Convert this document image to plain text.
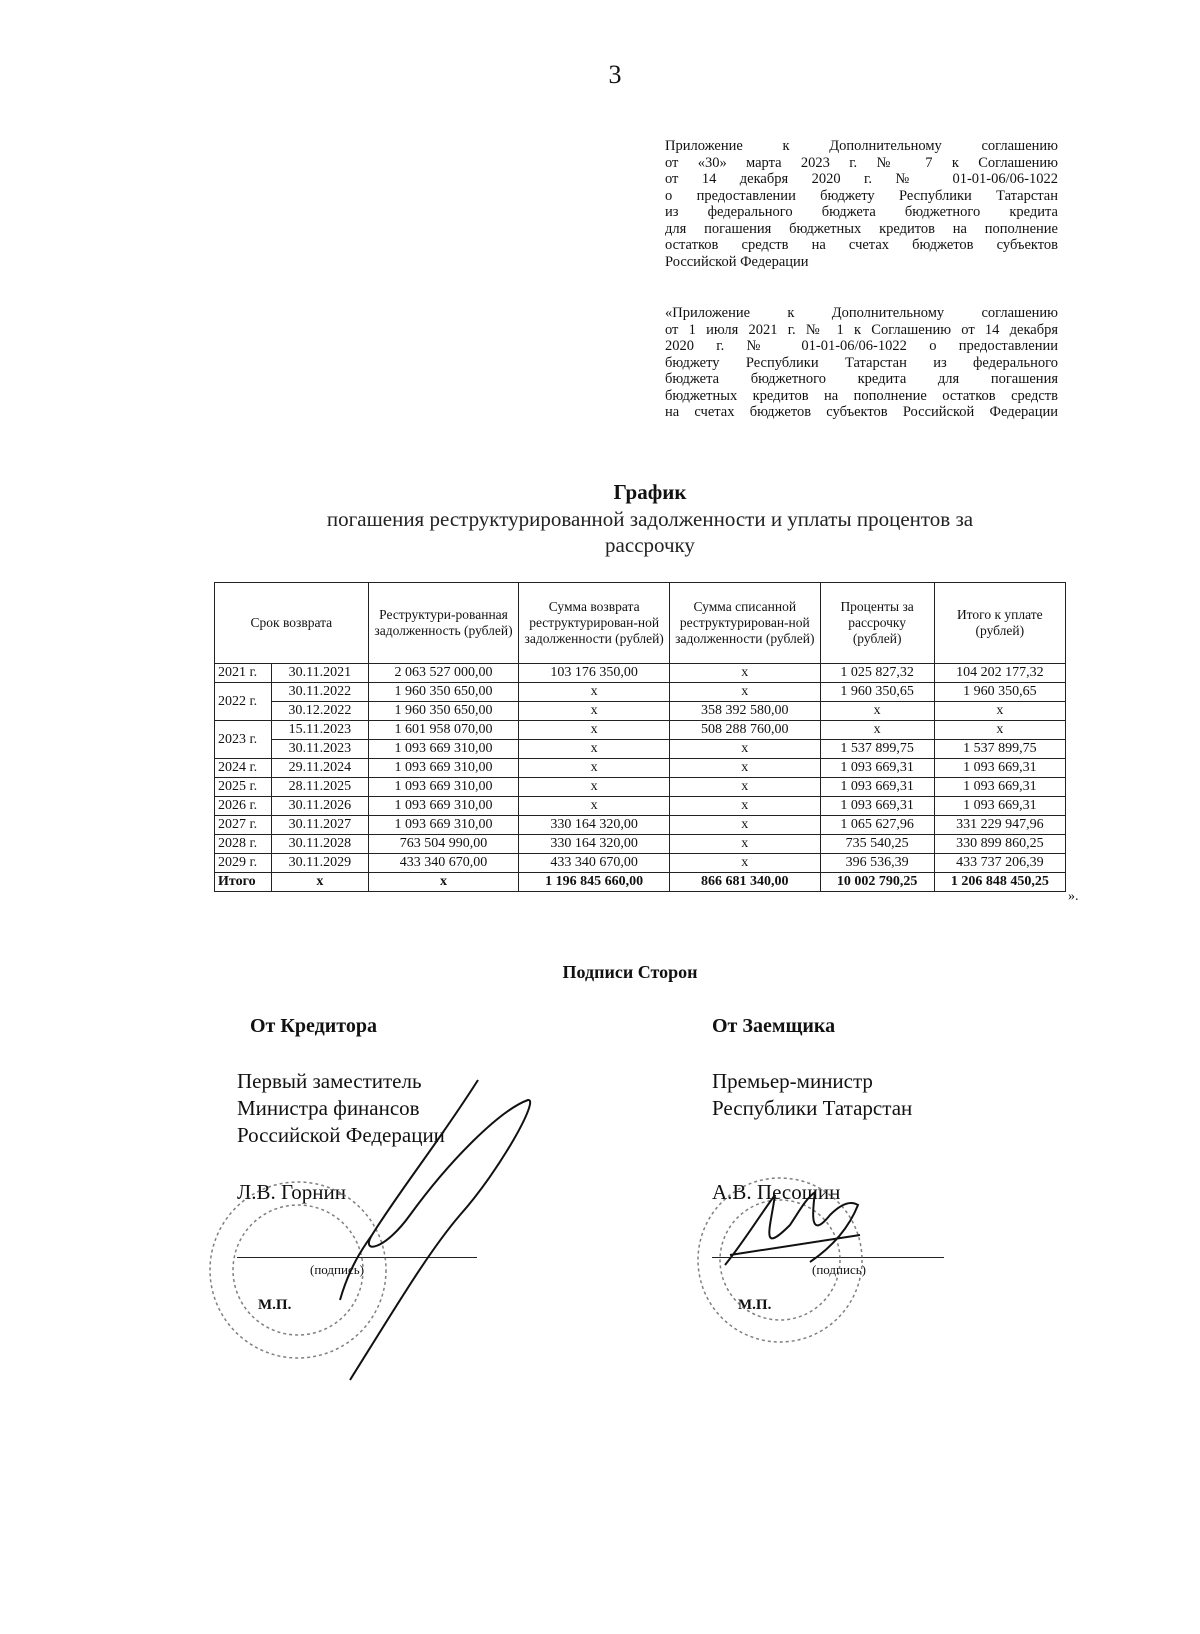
3
Приложение к Дополнительному соглашению
от «30» марта 2023 г. № 7 к Соглашению
от 14 декабря 2020 г. № 01-01-06/06-1022
о предоставлении бюджету Республики Татарстан
из федерального бюджета бюджетного кредита
для погашения бюджетных кредитов на пополнение
остатков средств на счетах бюджетов субъектов
Российской Федерации
«Приложение к Дополнительному соглашению
от 1 июля 2021 г. № 1 к Соглашению от 14 декабря
2020 г. № 01-01-06/06-1022 о предоставлении
бюджету Республики Татарстан из федерального
бюджета бюджетного кредита для погашения
бюджетных кредитов на пополнение остатков средств
на счетах бюджетов субъектов Российской Федерации
График
погашения реструктурированной задолженности и уплаты процентов за рассрочку
Срок возврата		Реструктури-рованная задолженность (рублей)	Сумма возврата реструктурирован-ной задолженности (рублей)	Сумма списанной реструктурирован-ной задолженности (рублей)	Проценты за рассрочку (рублей)	Итого к уплате (рублей)
2021 г.	30.11.2021	2 063 527 000,00	103 176 350,00	x	1 025 827,32	104 202 177,32
2022 г.	30.11.2022	1 960 350 650,00	x	x	1 960 350,65	1 960 350,65
	30.12.2022	1 960 350 650,00	x	358 392 580,00	x	x
2023 г.	15.11.2023	1 601 958 070,00	x	508 288 760,00	x	x
	30.11.2023	1 093 669 310,00	x	x	1 537 899,75	1 537 899,75
2024 г.	29.11.2024	1 093 669 310,00	x	x	1 093 669,31	1 093 669,31
2025 г.	28.11.2025	1 093 669 310,00	x	x	1 093 669,31	1 093 669,31
2026 г.	30.11.2026	1 093 669 310,00	x	x	1 093 669,31	1 093 669,31
2027 г.	30.11.2027	1 093 669 310,00	330 164 320,00	x	1 065 627,96	331 229 947,96
2028 г.	30.11.2028	763 504 990,00	330 164 320,00	x	735 540,25	330 899 860,25
2029 г.	30.11.2029	433 340 670,00	433 340 670,00	x	396 536,39	433 737 206,39
Итого	x	x	1 196 845 660,00	866 681 340,00	10 002 790,25	1 206 848 450,25
».
Подписи Сторон
От Кредитора	От Заемщика
Первый заместитель
Министра финансов
Российской Федерации
Премьер-министр
Республики Татарстан
Л.В. Горнин	А.В. Песошин
(подпись)	(подпись)
М.П.	М.П.
